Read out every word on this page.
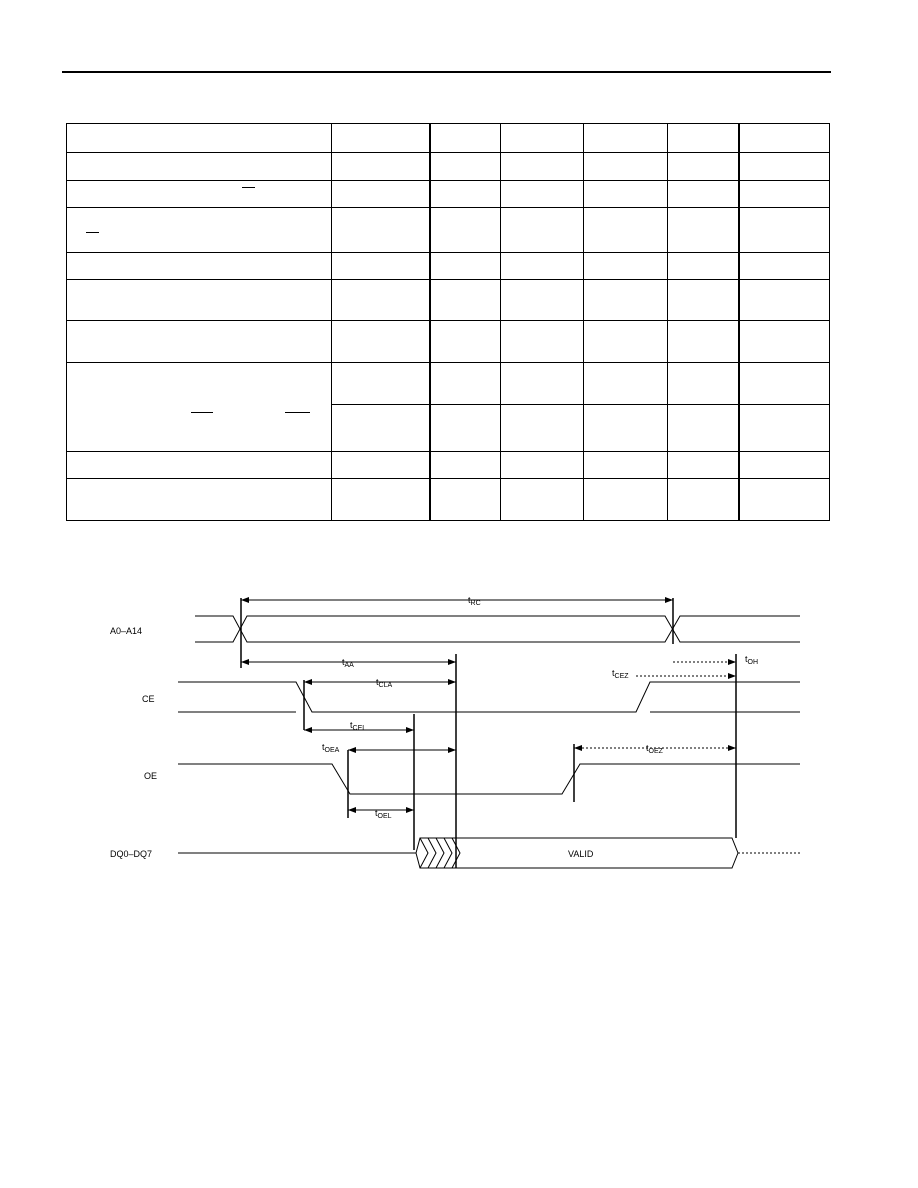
A0–A14
CE
OE
DQ0–DQ7	VALID
$t_{RC}$
$t_{AA}$
$t_{OH}$
$t_{CLA}$
$t_{CEZ}$
$t_{CEL}$
$t_{OEA}$	$t_{OEZ}$
$t_{OEL}$
